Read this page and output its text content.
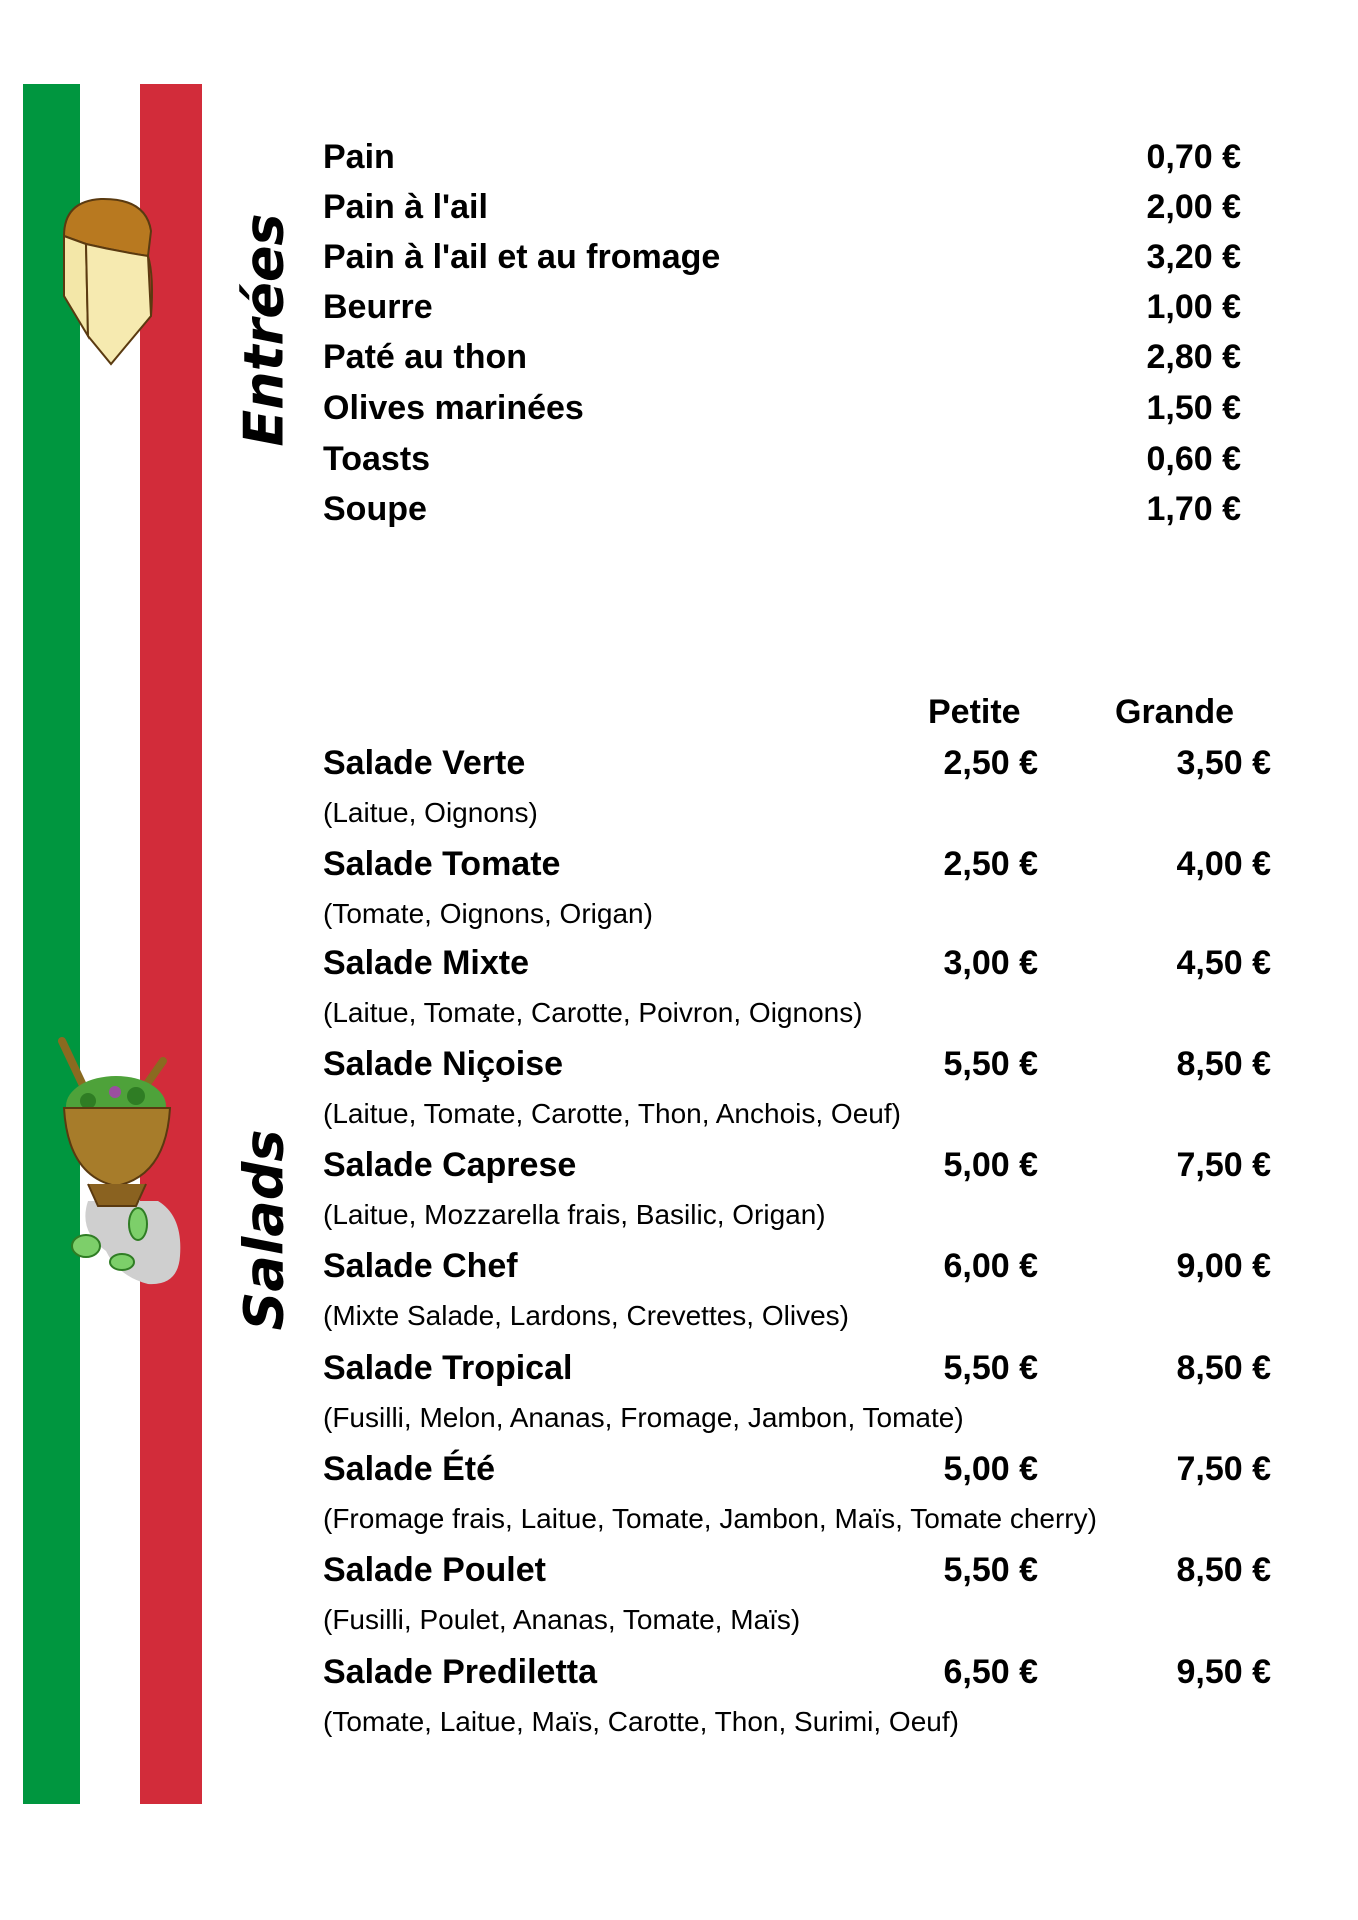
Entrées
Salads
Pain	0,70 €
Pain à l'ail	2,00 €
Pain à l'ail et au fromage	3,20 €
Beurre	1,00 €
Paté au thon	2,80 €
Olives marinées	1,50 €
Toasts	0,60 €
Soupe	1,70 €
Petite	Grande
Salade Verte	2,50 €	3,50 €
(Laitue, Oignons)
Salade Tomate	2,50 €	4,00 €
(Tomate, Oignons, Origan)
Salade Mixte	3,00 €	4,50 €
(Laitue, Tomate, Carotte, Poivron, Oignons)
Salade Niçoise	5,50 €	8,50 €
(Laitue, Tomate, Carotte, Thon, Anchois, Oeuf)
Salade Caprese	5,00 €	7,50 €
(Laitue, Mozzarella frais, Basilic, Origan)
Salade Chef	6,00 €	9,00 €
(Mixte Salade, Lardons, Crevettes, Olives)
Salade Tropical	5,50 €	8,50 €
(Fusilli, Melon, Ananas, Fromage, Jambon, Tomate)
Salade Été	5,00 €	7,50 €
(Fromage frais, Laitue, Tomate, Jambon, Maïs, Tomate cherry)
Salade Poulet	5,50 €	8,50 €
(Fusilli, Poulet, Ananas, Tomate, Maïs)
Salade Prediletta	6,50 €	9,50 €
(Tomate, Laitue, Maïs, Carotte, Thon, Surimi, Oeuf)
